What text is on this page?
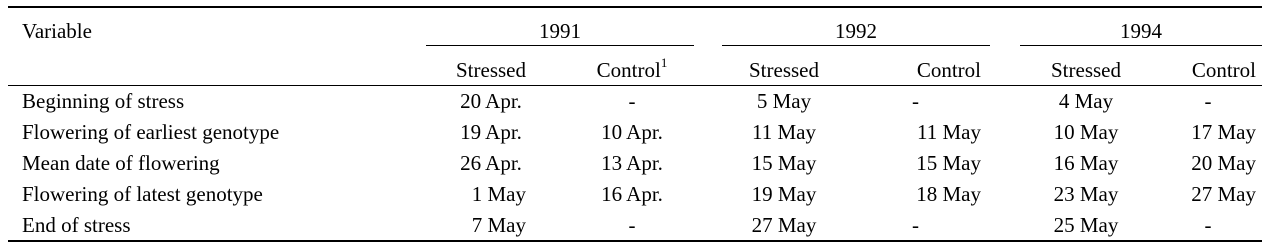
Variable	1991	1992	1994
Stressed	Control$^1$	Stressed	Control	Stressed	Control
Beginning of stress	20 Apr.	-	5 May	-	4 May	-
Flowering of earliest genotype	19 Apr.	10 Apr.	11 May	11 May	10 May	17 May
Mean date of flowering	26 Apr.	13 Apr.	15 May	15 May	16 May	20 May
Flowering of latest genotype	1 May	16 Apr.	19 May	18 May	23 May	27 May
End of stress	7 May	-	27 May	-	25 May	-
